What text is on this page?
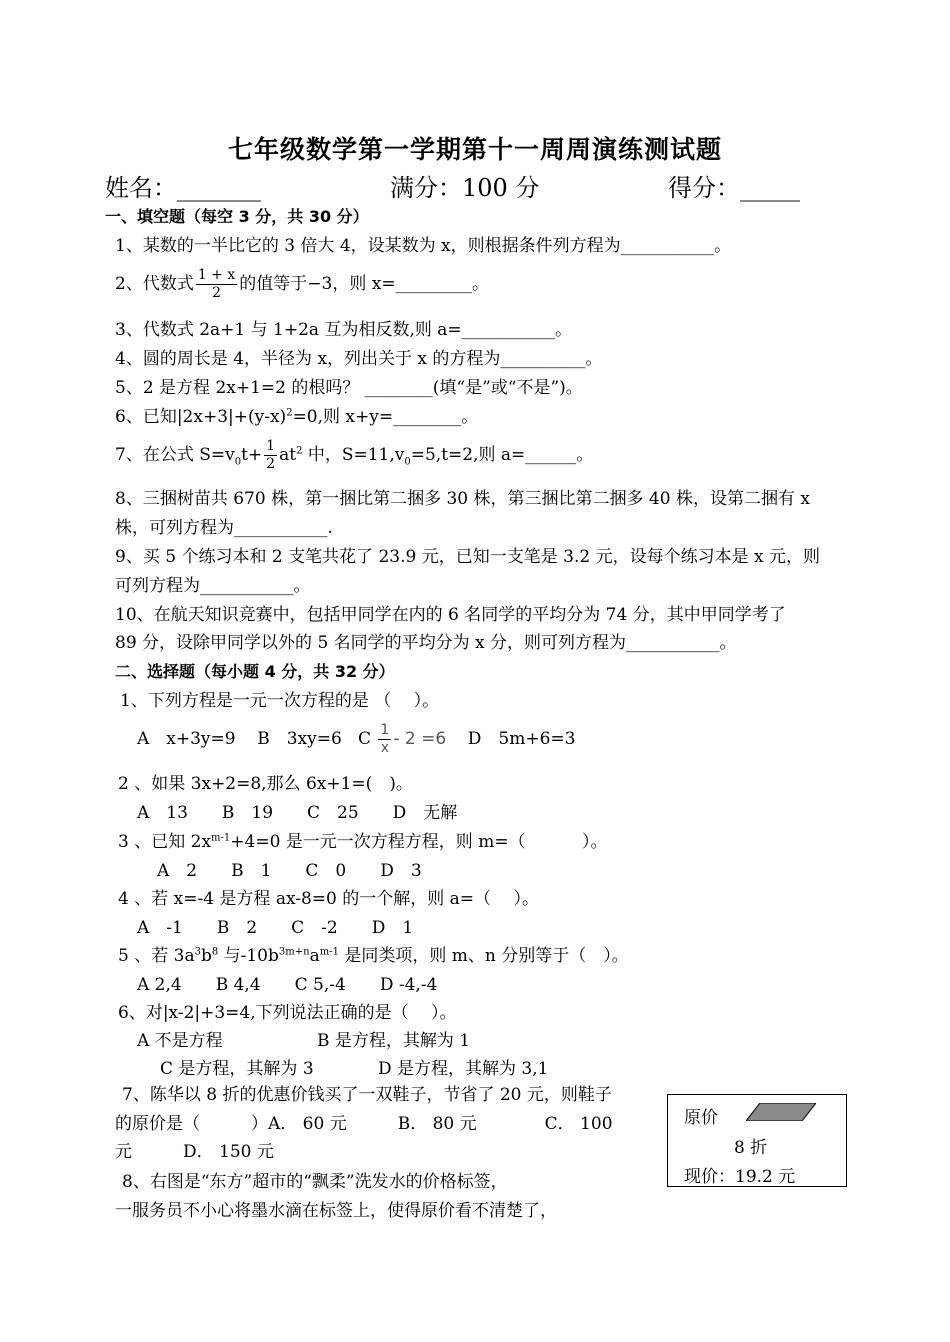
七年级数学第一学期第十一周周演练测试题
姓名：_______	满分：100 分	得分：_____
一、填空题（每空 3 分，共 30 分）
1、某数的一半比它的 3 倍大 4，设某数为 x，则根据条件列方程为___________。
2、代数式 $\frac{1 + x}{2}$ 的值等于−3，则 x=_________。
3、代数式 2a+1 与 1+2a 互为相反数,则 a=___________。
4、圆的周长是 4，半径为 x，列出关于 x 的方程为__________。
5、2 是方程 2x+1=2 的根吗？ ________(填“是”或“不是”)。
6、已知$|2x+3|+(y-x)^2=0$,则 x+y=________。
7、在公式 $S=v_0t+ \frac{1}{2} at^2$ 中，$S=11,v_0=5,t=2$,则 a=______。
8、三捆树苗共 670 株，第一捆比第二捆多 30 株，第三捆比第二捆多 40 株，设第二捆有 x
株，可列方程为___________.
9、买 5 个练习本和 2 支笔共花了 23.9 元，已知一支笔是 3.2 元，设每个练习本是 x 元，则
可列方程为___________。
10、在航天知识竞赛中，包括甲同学在内的 6 名同学的平均分为 74 分，其中甲同学考了
89 分，设除甲同学以外的 5 名同学的平均分为 x 分，则可列方程为___________。
二、选择题（每小题 4 分，共 32 分）
1、下列方程是一元一次方程的是 （　 ）。
A　x+3y=9 B　3xy=6 C $\frac{1}{x} - 2 =6$ D　5m+6=3
2 、如果 3x+2=8,那么 6x+1=(　)。
A　13　　B　19　　C　25　　D　无解
3 、已知 $2x^{m-1}+4=0$ 是一元一次方程方程，则 m=（　　　 ）。
A　2　　B　1　　C　0　　D　3
4 、若 x=-4 是方程 ax-8=0 的一个解，则 a=（　 ）。
A　-1　　B　2　　C　-2　　D　1
5 、若 $3a^3b^8$ 与$-10b^{3m+n}a^{m-1}$ 是同类项，则 m、n 分别等于（　）。
A 2,4　　B 4,4　　C 5,-4　　D -4,-4
6、对|x-2|+3=4,下列说法正确的是（　 ）。
A 不是方程	B 是方程，其解为 1
C 是方程，其解为 3	D 是方程，其解为 3,1
7、陈华以 8 折的优惠价钱买了一双鞋子，节省了 20 元，则鞋子
的原价是（　　　）A． 60 元　　　B． 80 元　　　　C． 100
元　　　D． 150 元
8、右图是“东方”超市的“飘柔”洗发水的价格标签，
一服务员不小心将墨水滴在标签上，使得原价看不清楚了，
原价
8 折
现价：19.2 元
